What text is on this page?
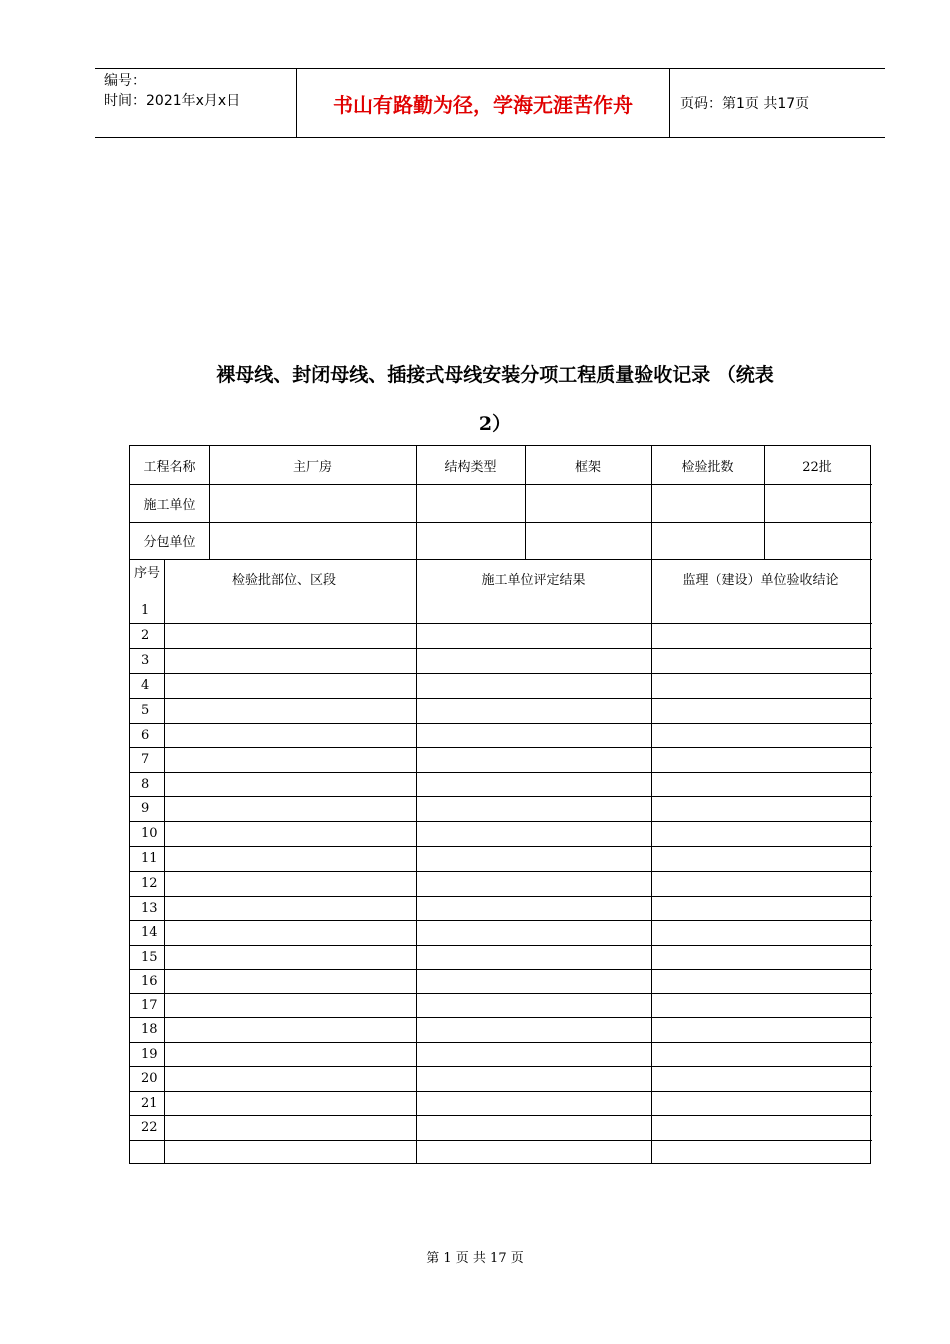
编号：
时间：2021年x月x日	书山有路勤为径，学海无涯苦作舟	页码：第1页 共17页
裸母线、封闭母线、插接式母线安装分项工程质量验收记录 （统表
2）
工程名称	主厂房	结构类型	框架	检验批数	22批
施工单位
分包单位
序号	检验批部位、区段	施工单位评定结果	监理（建设）单位验收结论
1
2
3
4
5
6
7
8
9
10
11
12
13
14
15
16
17
18
19
20
21
22
第 1 页 共 17 页
